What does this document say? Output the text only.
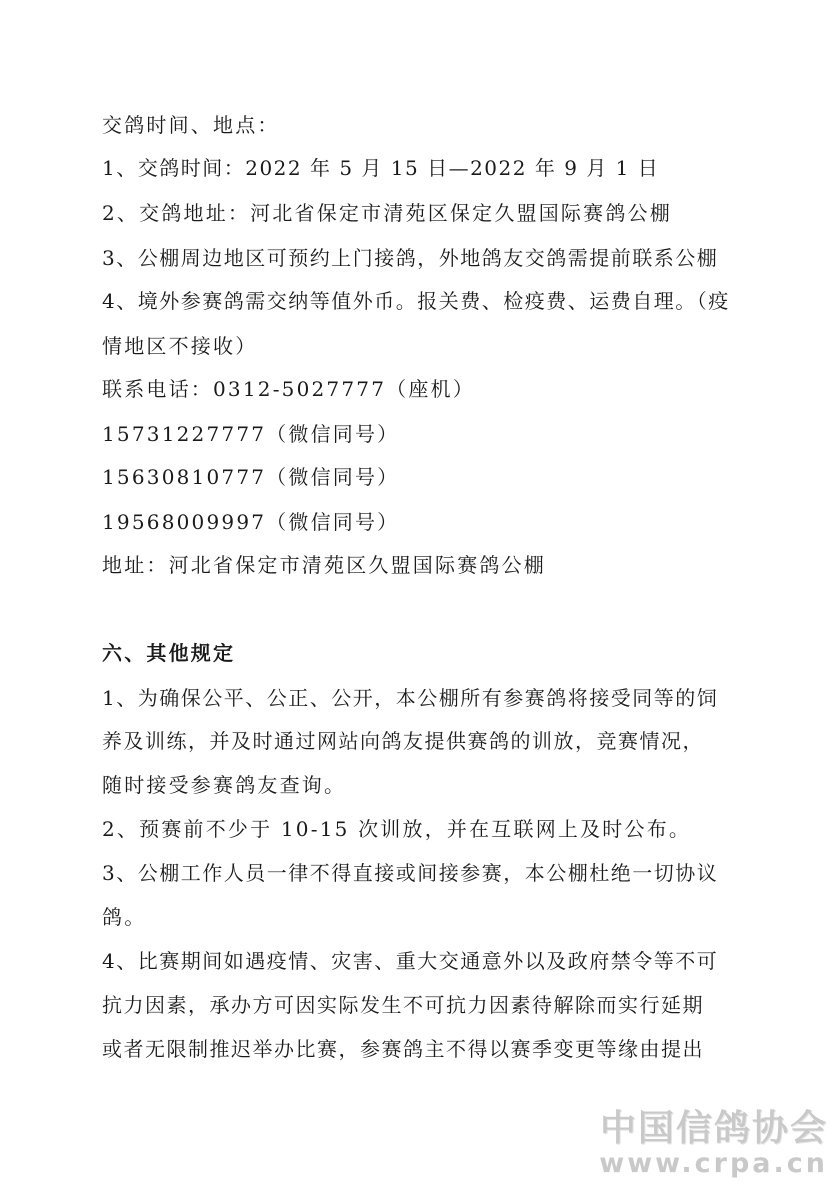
交鸽时间、地点：
1、交鸽时间：2022 年 5 月 15 日—2022 年 9 月 1 日
2、交鸽地址：河北省保定市清苑区保定久盟国际赛鸽公棚
3、公棚周边地区可预约上门接鸽，外地鸽友交鸽需提前联系公棚
4、境外参赛鸽需交纳等值外币。报关费、检疫费、运费自理。（疫
情地区不接收）
联系电话：0312-5027777（座机）
15731227777（微信同号）
15630810777（微信同号）
19568009997（微信同号）
地址：河北省保定市清苑区久盟国际赛鸽公棚
六、其他规定
1、为确保公平、公正、公开，本公棚所有参赛鸽将接受同等的饲
养及训练，并及时通过网站向鸽友提供赛鸽的训放，竞赛情况，
随时接受参赛鸽友查询。
2、预赛前不少于 10-15 次训放，并在互联网上及时公布。
3、公棚工作人员一律不得直接或间接参赛，本公棚杜绝一切协议
鸽。
4、比赛期间如遇疫情、灾害、重大交通意外以及政府禁令等不可
抗力因素，承办方可因实际发生不可抗力因素待解除而实行延期
或者无限制推迟举办比赛，参赛鸽主不得以赛季变更等缘由提出
中国信鸽协会
www.crpa.cn
